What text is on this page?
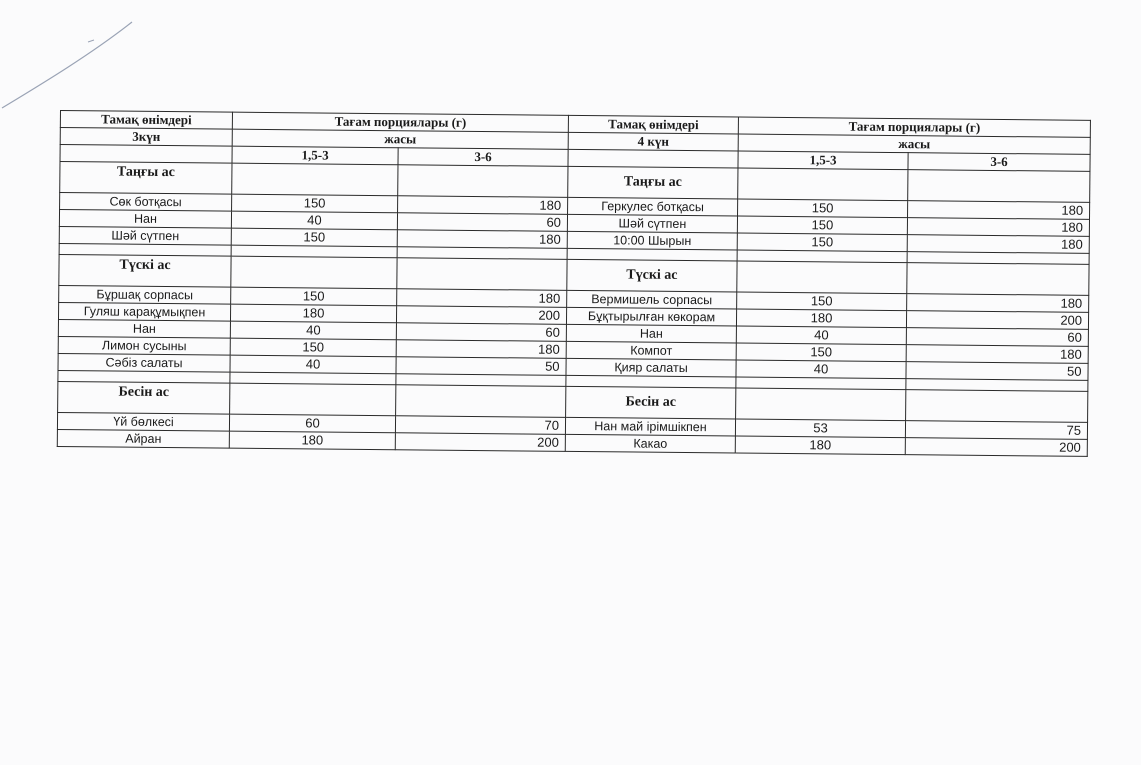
Тамақ өнімдері	Тағам порциялары (г)		Тамақ өнімдері	Тағам порциялары (г)	
3күн	жасы		4 күн	жасы	
	1,5-3	3-6		1,5-3	3-6
Таңғы ас			Таңғы ас		
Сөк ботқасы	150	180	Геркулес ботқасы	150	180
Нан	40	60	Шәй сүтпен	150	180
Шәй сүтпен	150	180	10:00 Шырын	150	180

Түскі ас			Түскі ас		
Бұршақ сорпасы	150	180	Вермишель сорпасы	150	180
Гуляш карақұмықпен	180	200	Бұқтырылған көкорам	180	200
Нан	40	60	Нан	40	60
Лимон сусыны	150	180	Компот	150	180
Сәбіз салаты	40	50	Қияр салаты	40	50

Бесін ас			Бесін ас		
Үй бөлкесі	60	70	Нан май ірімшікпен	53	75
Айран	180	200	Какао	180	200
